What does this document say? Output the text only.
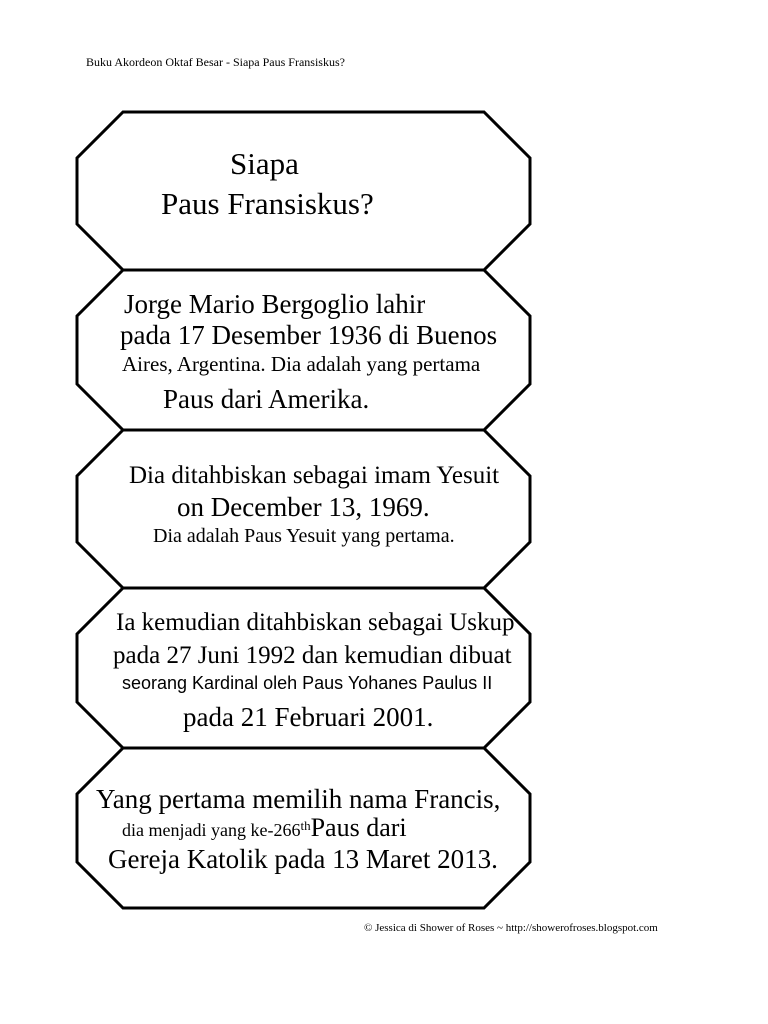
Buku Akordeon Oktaf Besar - Siapa Paus Fransiskus?
Siapa
Paus Fransiskus?
Jorge Mario Bergoglio lahir
pada 17 Desember 1936 di Buenos
Aires, Argentina. Dia adalah yang pertama
Paus dari Amerika.
Dia ditahbiskan sebagai imam Yesuit
on December 13, 1969.
Dia adalah Paus Yesuit yang pertama.
Ia kemudian ditahbiskan sebagai Uskup
pada 27 Juni 1992 dan kemudian dibuat
seorang Kardinal oleh Paus Yohanes Paulus II
pada 21 Februari 2001.
Yang pertama memilih nama Francis,
dia menjadi yang ke-266thPaus dari
Gereja Katolik pada 13 Maret 2013.
© Jessica di Shower of Roses ~ http://showerofroses.blogspot.com
